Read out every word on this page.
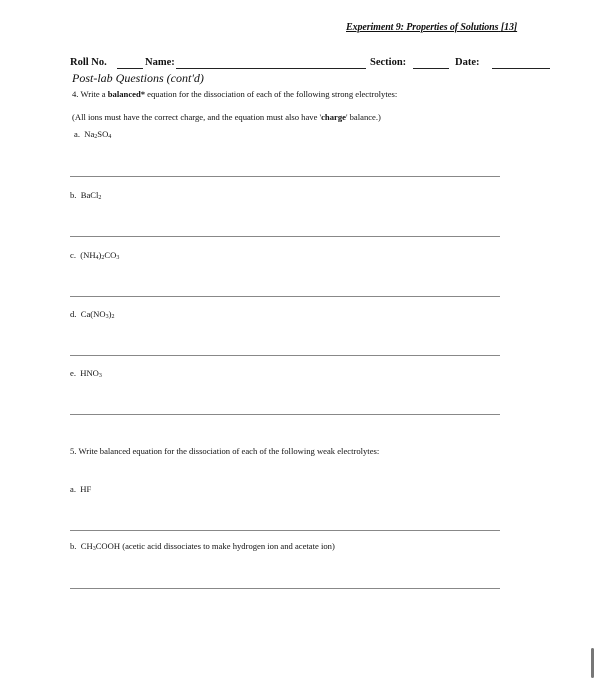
Experiment 9: Properties of Solutions [13]
Roll No.	Name:	Section:	Date:
Post-lab Questions (cont'd)
4. Write a balanced* equation for the dissociation of each of the following strong electrolytes:
(All ions must have the correct charge, and the equation must also have 'charge' balance.)
a. $Na_2SO_4$
b. BaCl$_2$
c. $(NH_4)_2CO_3$
d. $Ca(NO_3)_2$
e. $HNO_3$
5. Write balanced equation for the dissociation of each of the following weak electrolytes:
a. HF
b. $CH_3COOH$ (acetic acid dissociates to make hydrogen ion and acetate ion)
